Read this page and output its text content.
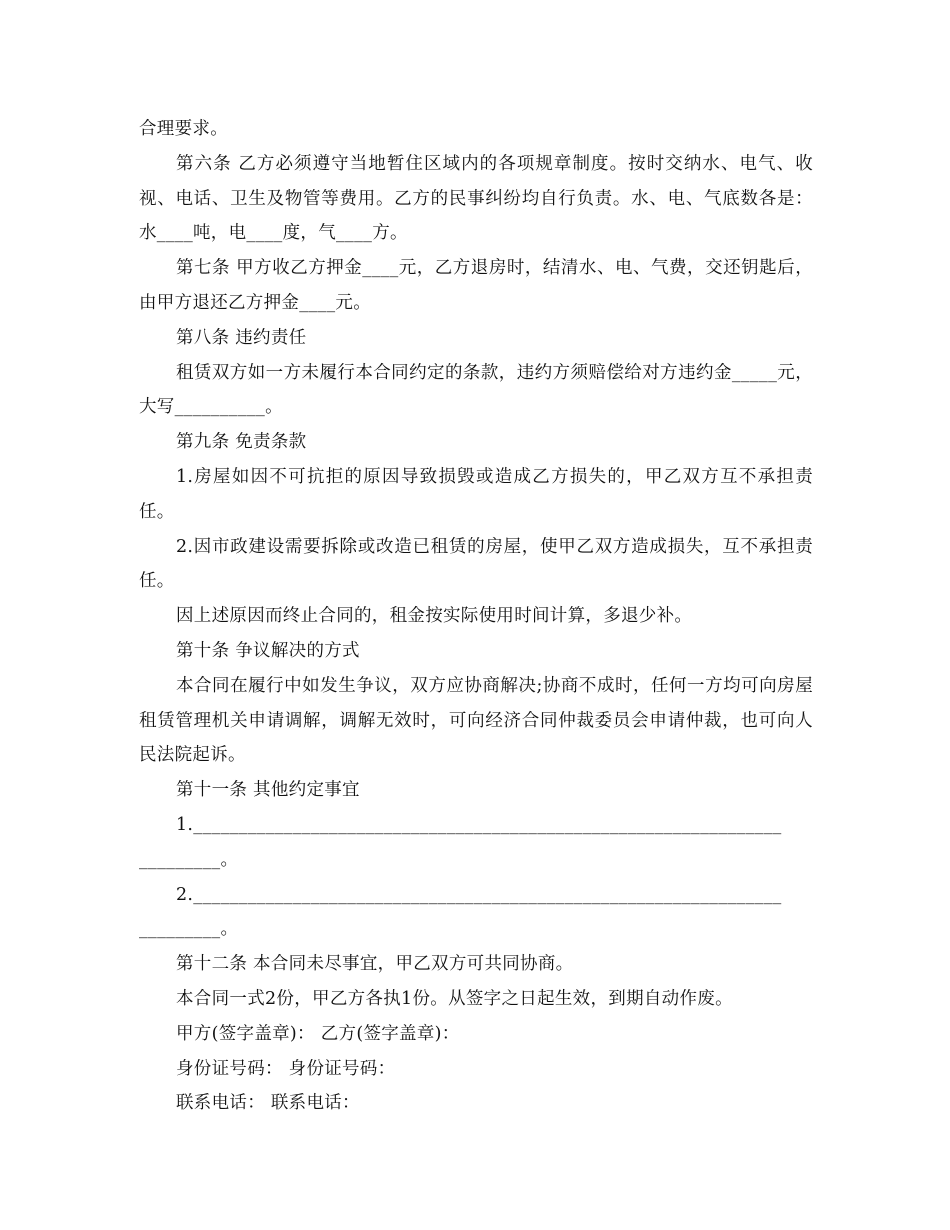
合理要求。

第六条 乙方必须遵守当地暂住区域内的各项规章制度。按时交纳水、电气、收视、电话、卫生及物管等费用。乙方的民事纠纷均自行负责。水、电、气底数各是：水____吨，电____度，气____方。

第七条 甲方收乙方押金____元，乙方退房时，结清水、电、气费，交还钥匙后，由甲方退还乙方押金____元。

第八条 违约责任

租赁双方如一方未履行本合同约定的条款，违约方须赔偿给对方违约金_____元，大写__________。

第九条 免责条款

1.房屋如因不可抗拒的原因导致损毁或造成乙方损失的，甲乙双方互不承担责任。

2.因市政建设需要拆除或改造已租赁的房屋，使甲乙双方造成损失，互不承担责任。

因上述原因而终止合同的，租金按实际使用时间计算，多退少补。

第十条 争议解决的方式

本合同在履行中如发生争议，双方应协商解决;协商不成时，任何一方均可向房屋租赁管理机关申请调解，调解无效时，可向经济合同仲裁委员会申请仲裁，也可向人民法院起诉。

第十一条 其他约定事宜

1._________________________________________________________________

_________。

2._________________________________________________________________

_________。

第十二条 本合同未尽事宜，甲乙双方可共同协商。

本合同一式2份，甲乙方各执1份。从签字之日起生效，到期自动作废。

甲方(签字盖章)： 乙方(签字盖章)：

身份证号码： 身份证号码：

联系电话： 联系电话：
